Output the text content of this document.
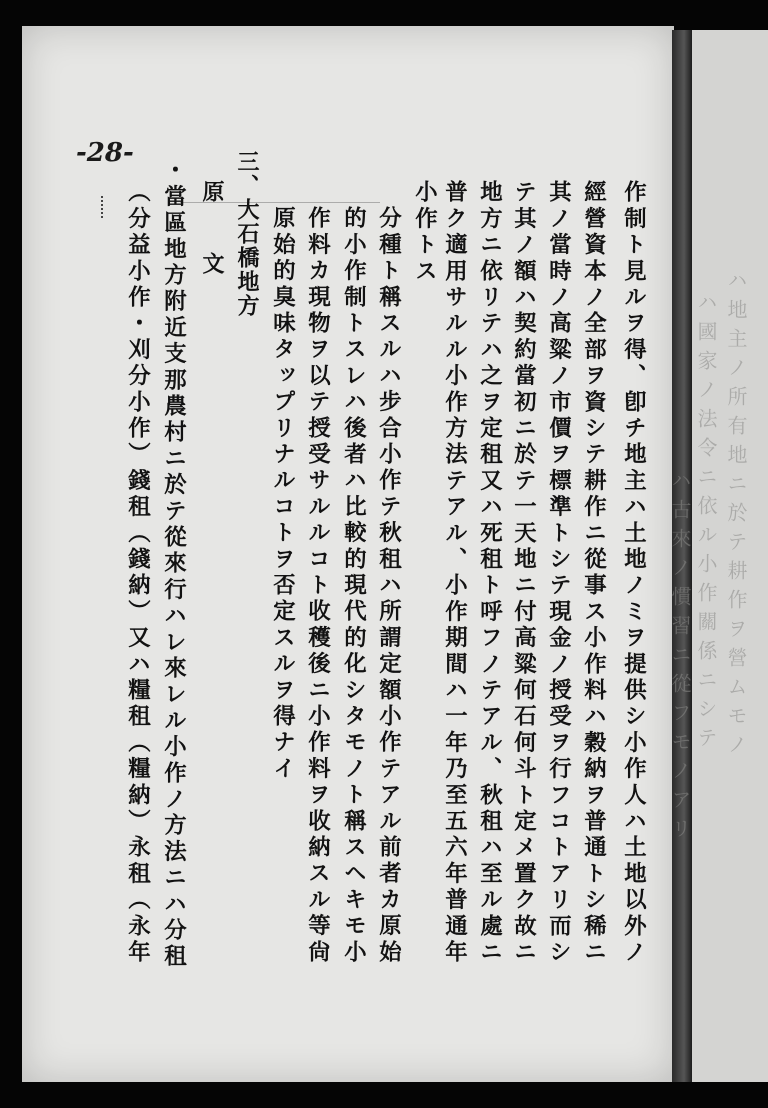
ハ地主ノ所有地ニ於テ耕作ヲ營ムモノ
ハ國家ノ法令ニ依ル小作關係ニシテ
ハ古來ノ慣習ニ從フモノアリ
-28-
作制ト見ルヲ得、卽チ地主ハ土地ノミヲ提供シ小作人ハ土地以外ノ
經營資本ノ全部ヲ資シテ耕作ニ從事ス小作料ハ穀納ヲ普通トシ稀ニ
其ノ當時ノ高粱ノ市價ヲ標準トシテ現金ノ授受ヲ行フコトアリ而シ
テ其ノ額ハ契約當初ニ於テ一天地ニ付高粱何石何斗ト定メ置ク故ニ
地方ニ依リテハ之ヲ定租又ハ死租ト呼フノテアル、秋租ハ至ル處ニ
普ク適用サルル小作方法テアル、小作期間ハ一年乃至五六年普通年
小作トス
分種ト稱スルハ步合小作テ秋租ハ所謂定額小作テアル前者カ原始
的小作制トスレハ後者ハ比較的現代的化シタモノト稱スヘキモ小
作料カ現物ヲ以テ授受サルルコト收穫後ニ小作料ヲ收納スル等尙
原始的臭味タップリナルコトヲ否定スルヲ得ナイ
三、大石橋地方
原　文
・當區地方附近支那農村ニ於テ從來行ハレ來レル小作ノ方法ニハ分租
（分益小作・刈分小作）錢租（錢納）又ハ糧租（糧納）永租（永年
